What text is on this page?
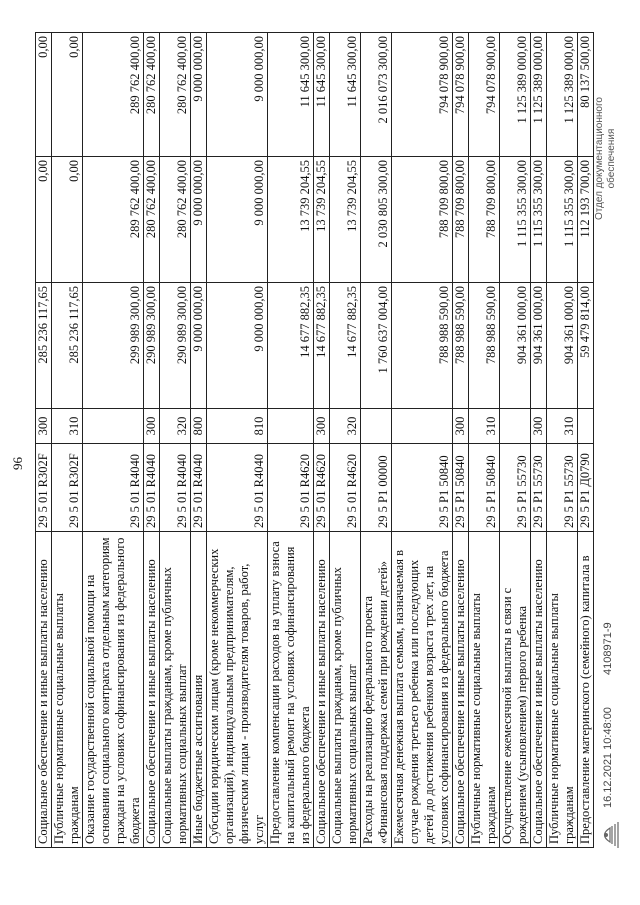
96
Социальное обеспечение и иные выплаты населению	29 5 01 R302F	300	285 236 117,65	0,00	0,00
Публичные нормативные социальные выплаты гражданам	29 5 01 R302F	310	285 236 117,65	0,00	0,00
Оказание государственной социальной помощи на основании социального контракта отдельным категориям граждан на условиях софинансирования из федерального бюджета	29 5 01 R4040		299 989 300,00	289 762 400,00	289 762 400,00
Социальное обеспечение и иные выплаты населению	29 5 01 R4040	300	290 989 300,00	280 762 400,00	280 762 400,00
Социальные выплаты гражданам, кроме публичных нормативных социальных выплат	29 5 01 R4040	320	290 989 300,00	280 762 400,00	280 762 400,00
Иные бюджетные ассигнования	29 5 01 R4040	800	9 000 000,00	9 000 000,00	9 000 000,00
Субсидии юридическим лицам (кроме некоммерческих организаций), индивидуальным предпринимателям, физическим лицам - производителям товаров, работ, услуг	29 5 01 R4040	810	9 000 000,00	9 000 000,00	9 000 000,00
Предоставление компенсации расходов на уплату взноса на капитальный ремонт на условиях софинансирования из федерального бюджета	29 5 01 R4620		14 677 882,35	13 739 204,55	11 645 300,00
Социальное обеспечение и иные выплаты населению	29 5 01 R4620	300	14 677 882,35	13 739 204,55	11 645 300,00
Социальные выплаты гражданам, кроме публичных нормативных социальных выплат	29 5 01 R4620	320	14 677 882,35	13 739 204,55	11 645 300,00
Расходы на реализацию федерального проекта «Финансовая поддержка семей при рождении детей»	29 5 P1 00000		1 760 637 004,00	2 030 805 300,00	2 016 073 300,00
Ежемесячная денежная выплата семьям, назначаемая в случае рождения третьего ребенка или последующих детей до достижения ребенком возраста трех лет, на условиях софинансирования из федерального бюджета	29 5 P1 50840		788 988 590,00	788 709 800,00	794 078 900,00
Социальное обеспечение и иные выплаты населению	29 5 P1 50840	300	788 988 590,00	788 709 800,00	794 078 900,00
Публичные нормативные социальные выплаты гражданам	29 5 P1 50840	310	788 988 590,00	788 709 800,00	794 078 900,00
Осуществление ежемесячной выплаты в связи с рождением (усыновлением) первого ребенка	29 5 P1 55730		904 361 000,00	1 115 355 300,00	1 125 389 000,00
Социальное обеспечение и иные выплаты населению	29 5 P1 55730	300	904 361 000,00	1 115 355 300,00	1 125 389 000,00
Публичные нормативные социальные выплаты гражданам	29 5 P1 55730	310	904 361 000,00	1 115 355 300,00	1 125 389 000,00
Предоставление материнского (семейного) капитала в	29 5 P1 Д0790		59 479 814,00	112 193 700,00	80 137 500,00
16.12.2021 10:48:00
4108971-9
Отдел документационного обеспечения
